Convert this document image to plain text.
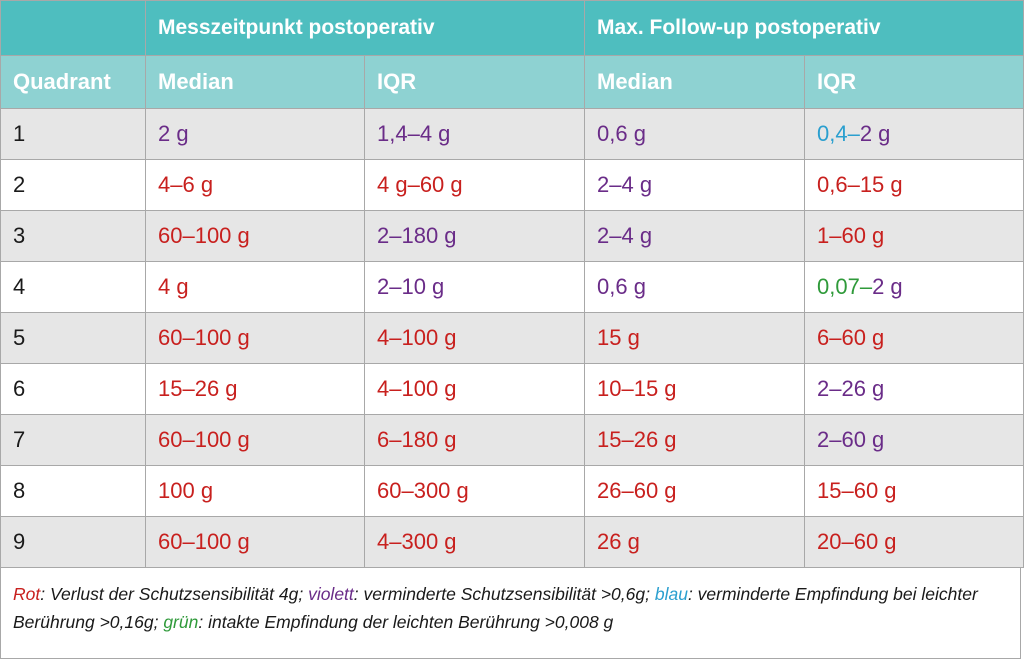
	Messzeitpunkt postoperativ		Max. Follow-up postoperativ	
Quadrant	Median	IQR	Median	IQR
1	2 g	1,4–4 g	0,6 g	0,4–2 g
2	4–6 g	4 g–60 g	2–4 g	0,6–15 g
3	60–100 g	2–180 g	2–4 g	1–60 g
4	4 g	2–10 g	0,6 g	0,07–2 g
5	60–100 g	4–100 g	15 g	6–60 g
6	15–26 g	4–100 g	10–15 g	2–26 g
7	60–100 g	6–180 g	15–26 g	2–60 g
8	100 g	60–300 g	26–60 g	15–60 g
9	60–100 g	4–300 g	26 g	20–60 g
Rot: Verlust der Schutzsensibilität 4g; violett: verminderte Schutzsensibilität >0,6g; blau: verminderte Empfindung bei leichter Berührung >0,16g; grün: intakte Empfindung der leichten Berührung >0,008 g
